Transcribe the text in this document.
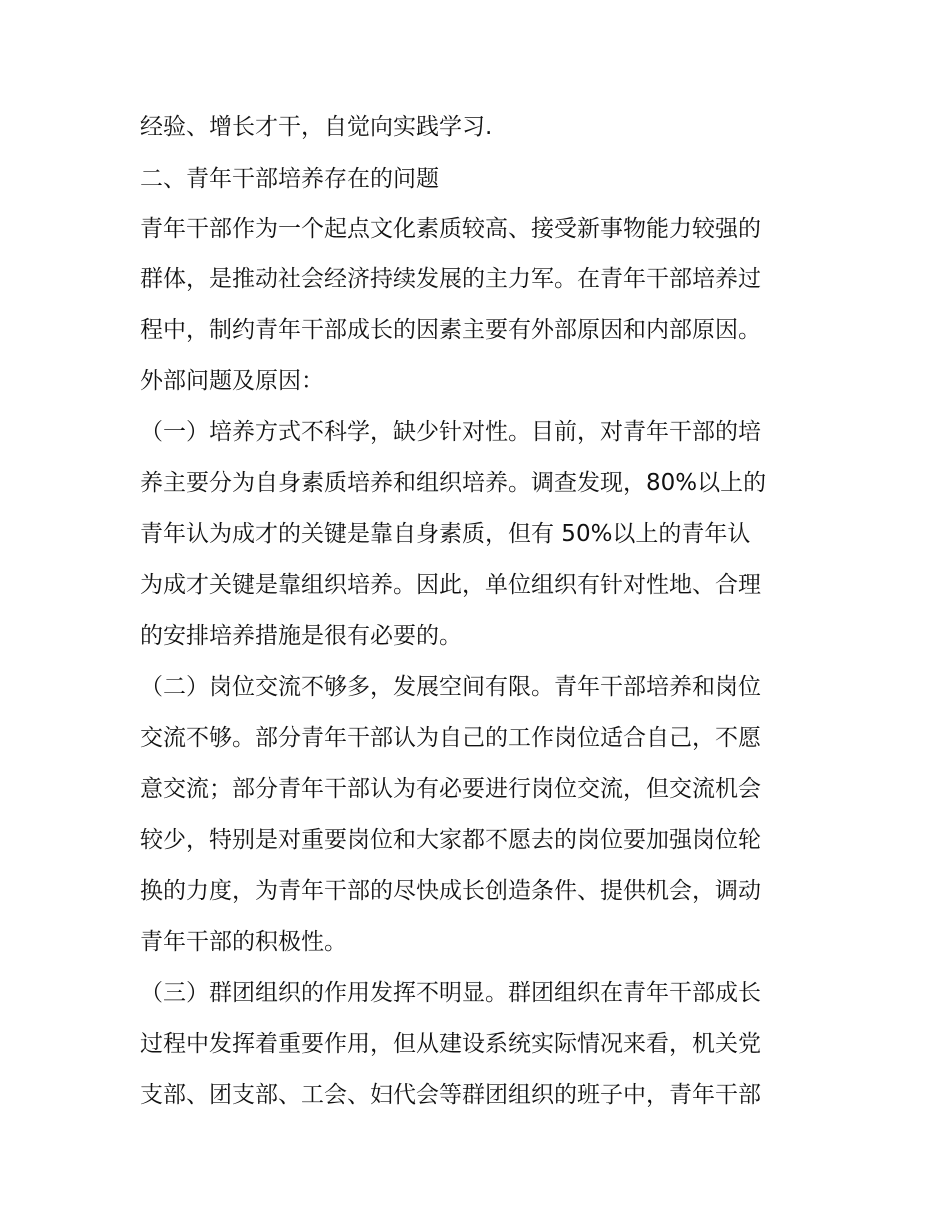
经验、增长才干，自觉向实践学习.

二、青年干部培养存在的问题

青年干部作为一个起点文化素质较高、接受新事物能力较强的

群体，是推动社会经济持续发展的主力军。在青年干部培养过

程中，制约青年干部成长的因素主要有外部原因和内部原因。

外部问题及原因：

（一）培养方式不科学，缺少针对性。目前，对青年干部的培

养主要分为自身素质培养和组织培养。调查发现，80%以上的

青年认为成才的关键是靠自身素质，但有 50%以上的青年认

为成才关键是靠组织培养。因此，单位组织有针对性地、合理

的安排培养措施是很有必要的。

（二）岗位交流不够多，发展空间有限。青年干部培养和岗位

交流不够。部分青年干部认为自己的工作岗位适合自己，不愿

意交流；部分青年干部认为有必要进行岗位交流，但交流机会

较少，特别是对重要岗位和大家都不愿去的岗位要加强岗位轮

换的力度，为青年干部的尽快成长创造条件、提供机会，调动

青年干部的积极性。

（三）群团组织的作用发挥不明显。群团组织在青年干部成长

过程中发挥着重要作用，但从建设系统实际情况来看，机关党

支部、团支部、工会、妇代会等群团组织的班子中，青年干部
